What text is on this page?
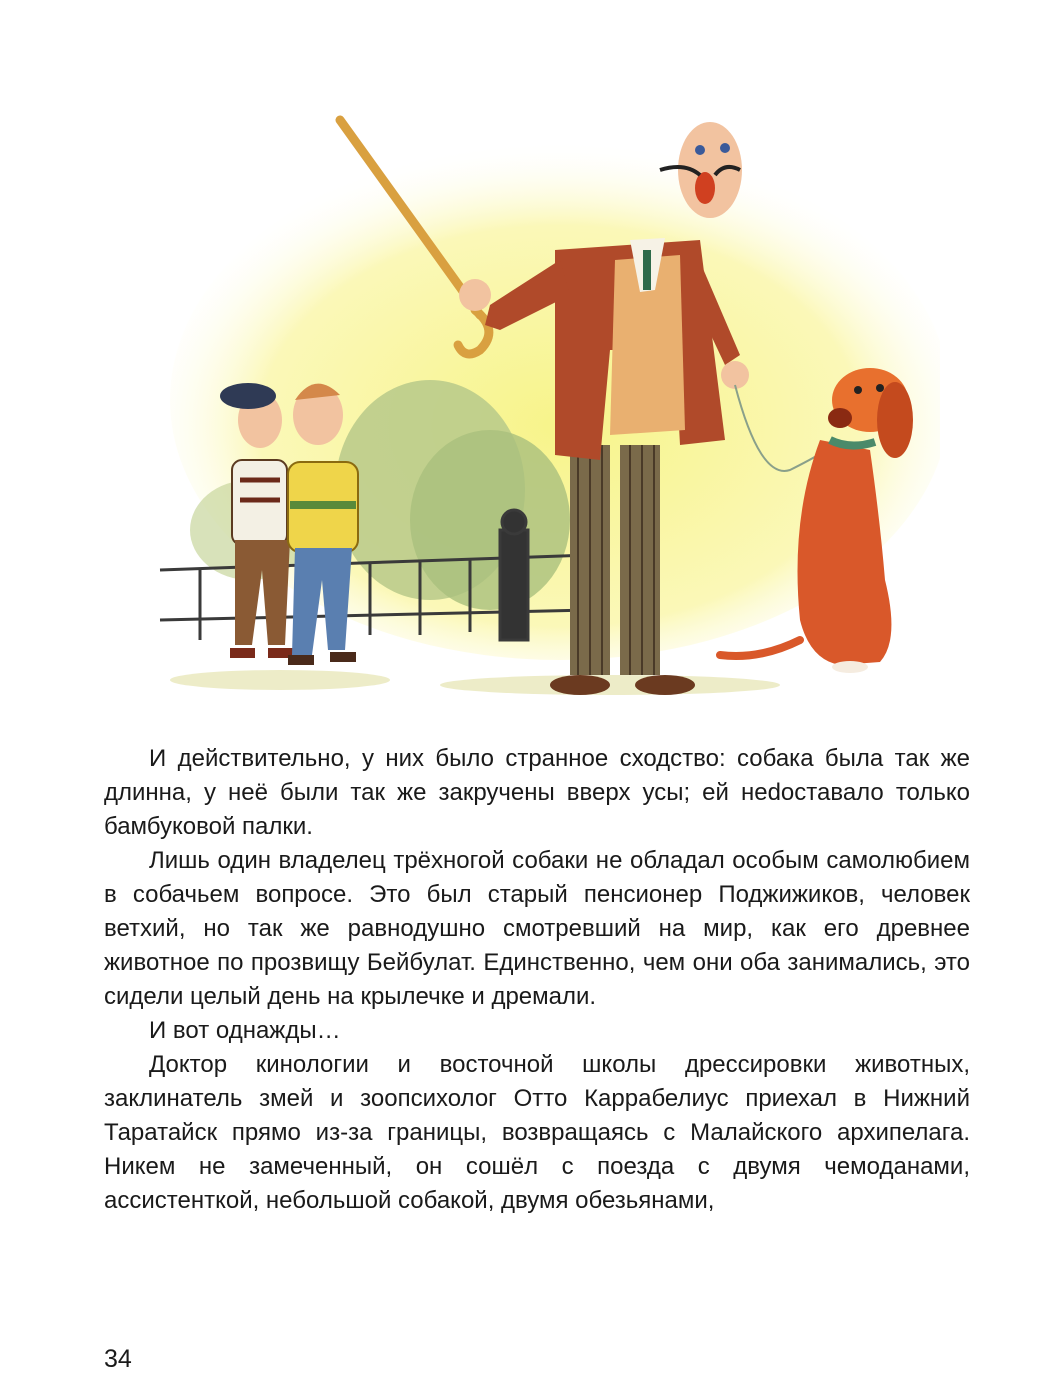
И действительно, у них было странное сходство: собака была так же длинна, у неё были так же закручены вверх усы; ей неdоставало только бамбуковой палки.

Лишь один владелец трёхногой собаки не обладал особым самолюбием в собачьем вопросе. Это был старый пенсионер Поджижиков, человек ветхий, но так же равнодушно смотревший на мир, как его древнее животное по прозвищу Бейбулат. Единственно, чем они оба занимались, это сидели целый день на крылечке и дремали.

И вот однажды…

Доктор кинологии и восточной школы дрессировки животных, заклинатель змей и зоопсихолог Отто Каррабелиус приехал в Нижний Таратайск прямо из-за границы, возвращаясь с Малайского архипелага. Никем не замеченный, он сошёл с поезда с двумя чемоданами, ассистенткой, небольшой собакой, двумя обезьянами,

34
